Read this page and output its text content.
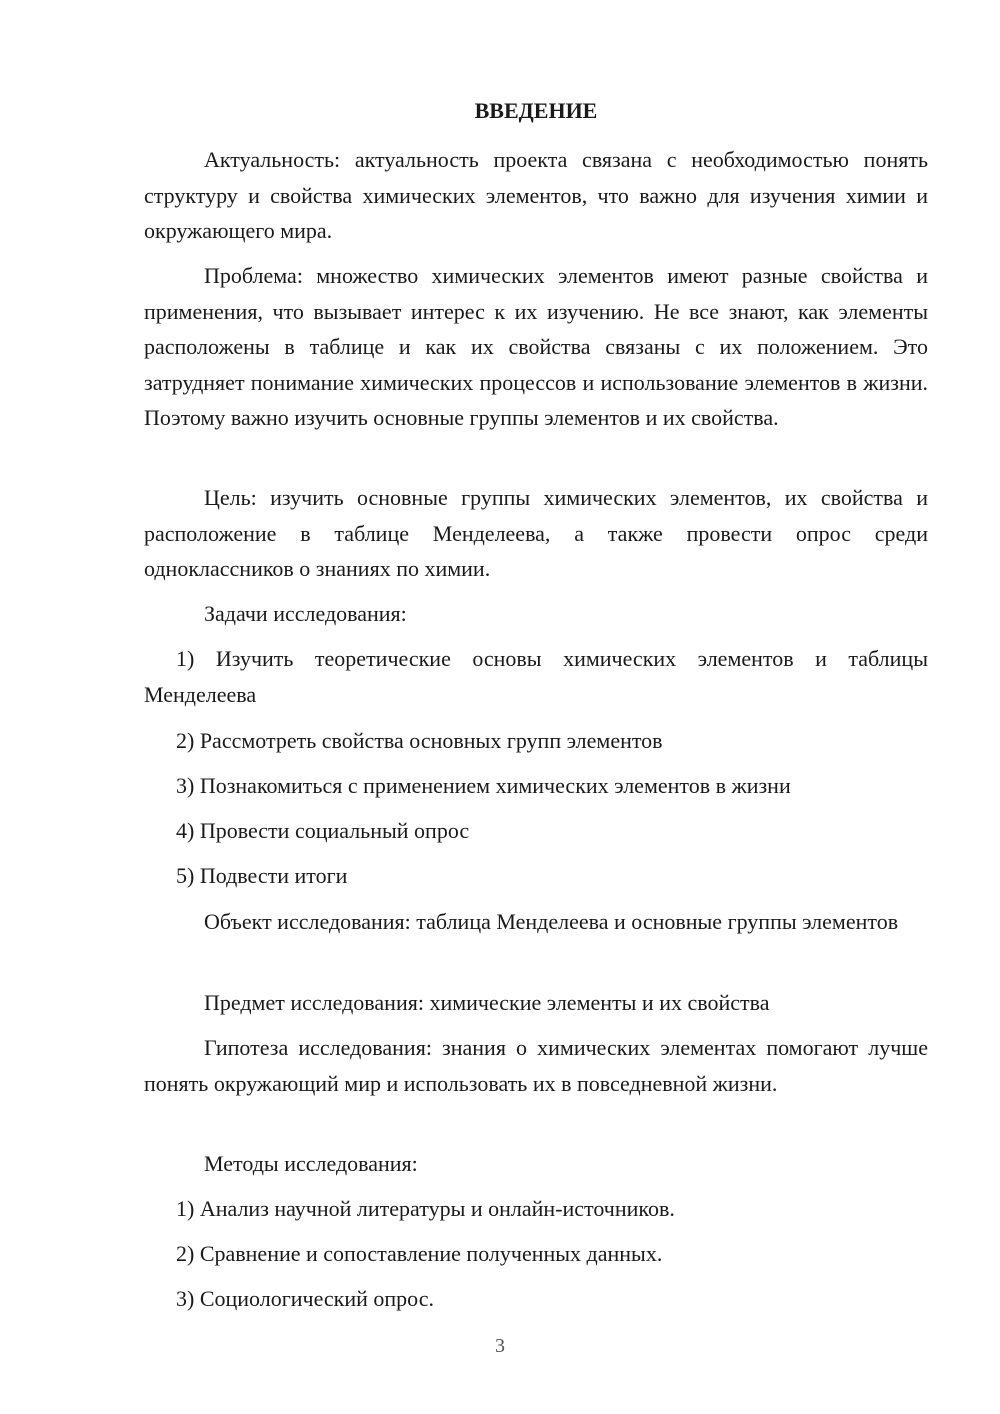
ВВЕДЕНИЕ

Актуальность: актуальность проекта связана с необходимостью понять структуру и свойства химических элементов, что важно для изучения химии и окружающего мира.

Проблема: множество химических элементов имеют разные свойства и применения, что вызывает интерес к их изучению. Не все знают, как элементы расположены в таблице и как их свойства связаны с их положением. Это затрудняет понимание химических процессов и использование элементов в жизни. Поэтому важно изучить основные группы элементов и их свойства.

Цель: изучить основные группы химических элементов, их свойства и расположение в таблице Менделеева, а также провести опрос среди одноклассников о знаниях по химии.

Задачи исследования:

1) Изучить теоретические основы химических элементов и таблицы Менделеева

2) Рассмотреть свойства основных групп элементов

3) Познакомиться с применением химических элементов в жизни

4) Провести социальный опрос

5) Подвести итоги

Объект исследования: таблица Менделеева и основные группы элементов

Предмет исследования: химические элементы и их свойства

Гипотеза исследования: знания о химических элементах помогают лучше понять окружающий мир и использовать их в повседневной жизни.

Методы исследования:

1) Анализ научной литературы и онлайн-источников.

2) Сравнение и сопоставление полученных данных.

3) Социологический опрос.

3
